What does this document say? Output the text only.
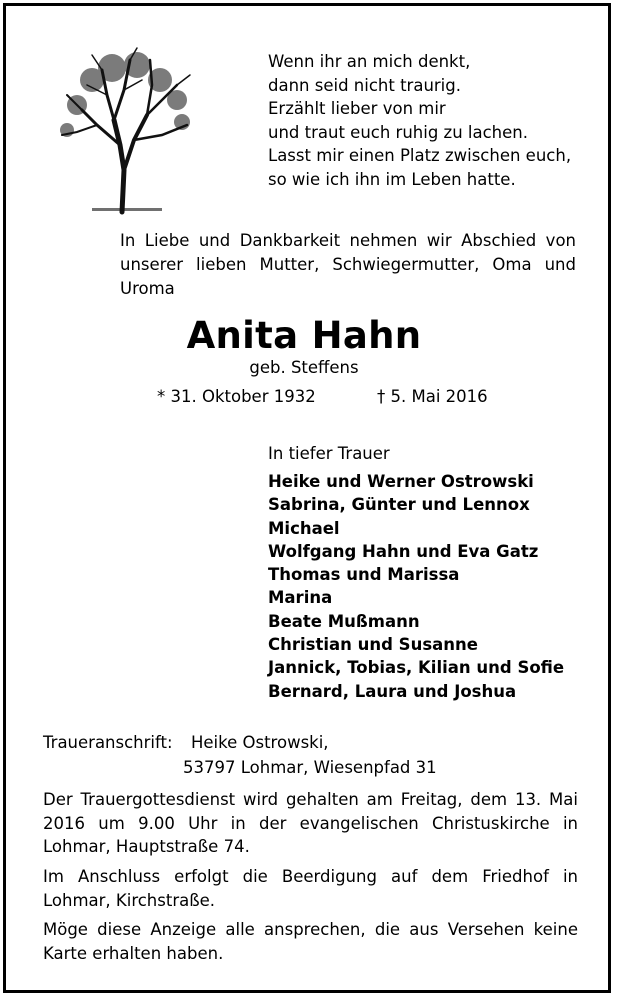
Wenn ihr an mich denkt,
dann seid nicht traurig.
Erzählt lieber von mir
und traut euch ruhig zu lachen.
Lasst mir einen Platz zwischen euch,
so wie ich ihn im Leben hatte.

In Liebe und Dankbarkeit nehmen wir Abschied von unserer lieben Mutter, Schwiegermutter, Oma und Uroma

Anita Hahn
geb. Steffens
* 31. Oktober 1932	† 5. Mai 2016
In tiefer Trauer
Heike und Werner Ostrowski
Sabrina, Günter und Lennox
Michael
Wolfgang Hahn und Eva Gatz
Thomas und Marissa
Marina
Beate Mußmann
Christian und Susanne
Jannick, Tobias, Kilian und Sofie
Bernard, Laura und Joshua
Traueranschrift: Heike Ostrowski,
53797 Lohmar, Wiesenpfad 31

Der Trauergottesdienst wird gehalten am Freitag, dem 13. Mai 2016 um 9.00 Uhr in der evangelischen Christuskirche in Lohmar, Hauptstraße 74.

Im Anschluss erfolgt die Beerdigung auf dem Friedhof in Lohmar, Kirchstraße.

Möge diese Anzeige alle ansprechen, die aus Versehen keine Karte erhalten haben.
